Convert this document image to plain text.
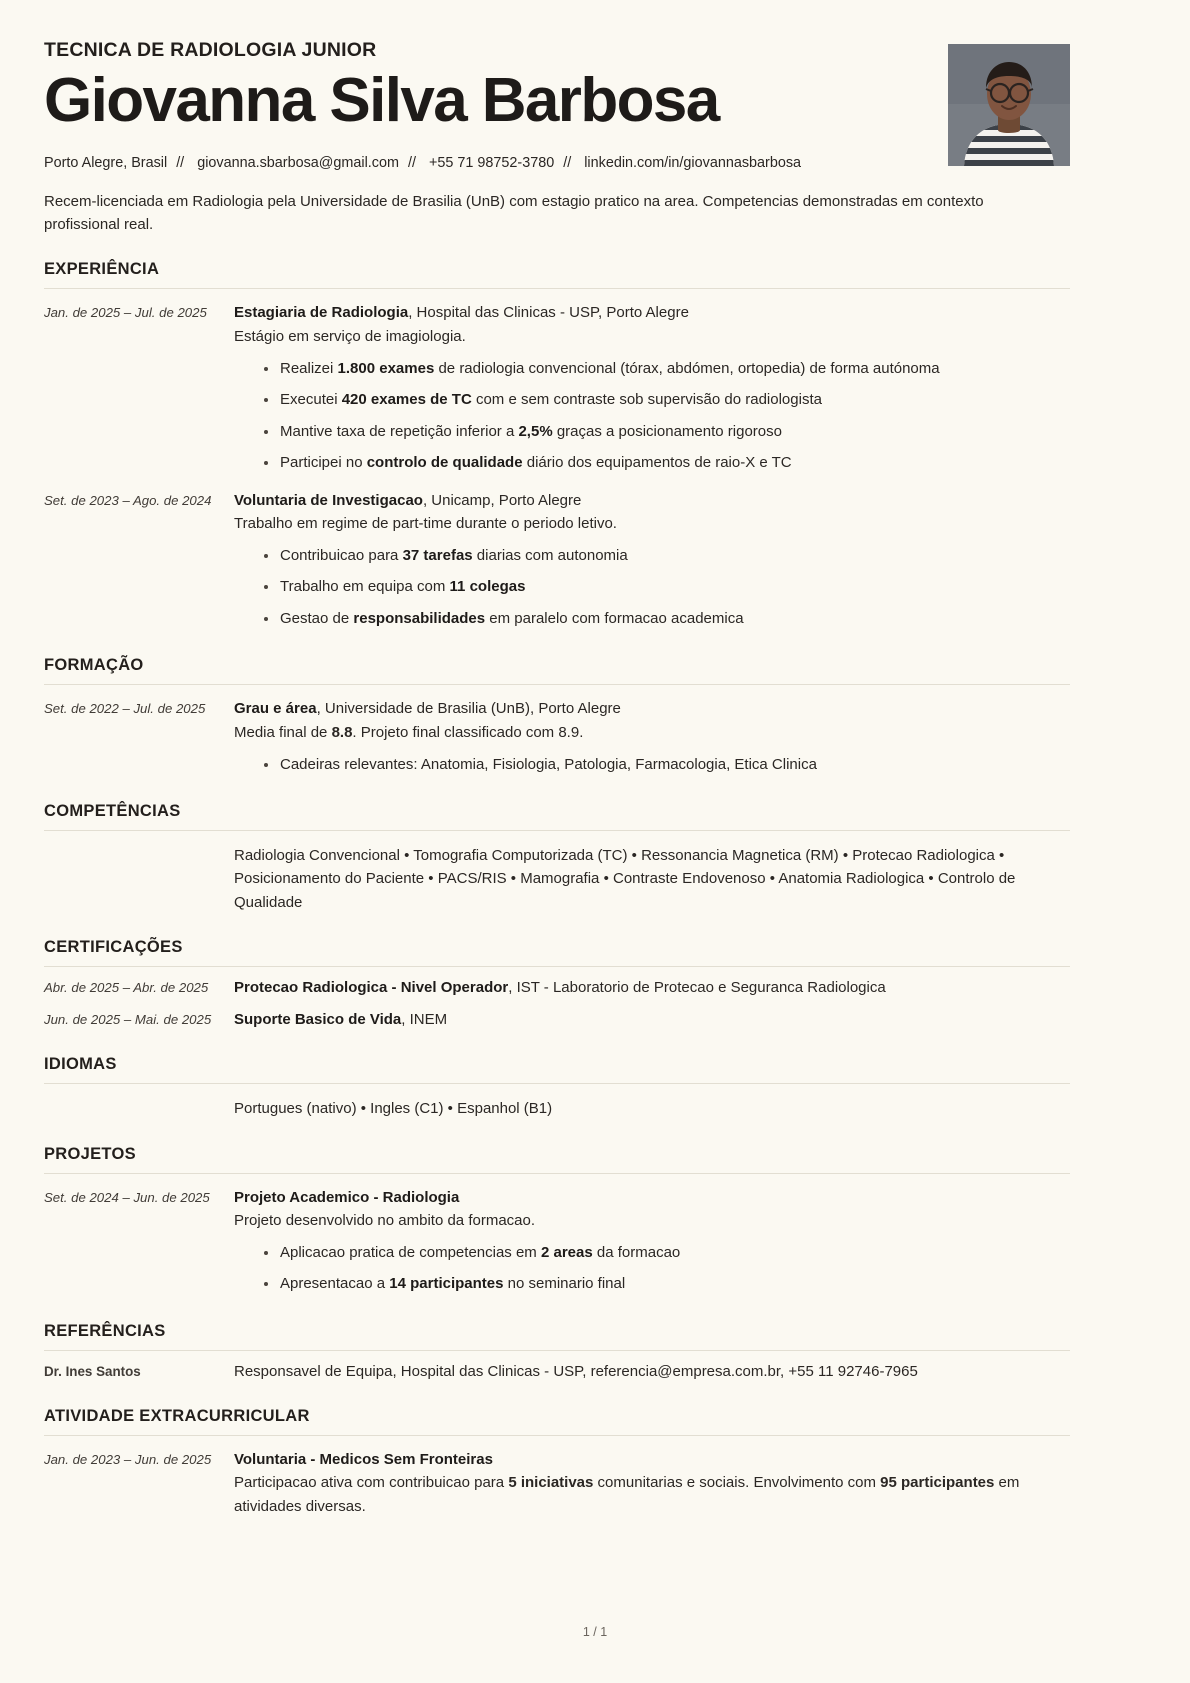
TECNICA DE RADIOLOGIA JUNIOR
Giovanna Silva Barbosa
Porto Alegre, Brasil // giovanna.sbarbosa@gmail.com // +55 71 98752-3780 // linkedin.com/in/giovannasbarbosa
Recem-licenciada em Radiologia pela Universidade de Brasilia (UnB) com estagio pratico na area. Competencias demonstradas em contexto profissional real.
EXPERIÊNCIA
Jan. de 2025 – Jul. de 2025	Estagiaria de Radiologia, Hospital das Clinicas - USP, Porto Alegre
Estágio em serviço de imagiologia.
Realizei 1.800 exames de radiologia convencional (tórax, abdómen, ortopedia) de forma autónoma
Executei 420 exames de TC com e sem contraste sob supervisão do radiologista
Mantive taxa de repetição inferior a 2,5% graças a posicionamento rigoroso
Participei no controlo de qualidade diário dos equipamentos de raio-X e TC
Set. de 2023 – Ago. de 2024	Voluntaria de Investigacao, Unicamp, Porto Alegre
Trabalho em regime de part-time durante o periodo letivo.
Contribuicao para 37 tarefas diarias com autonomia
Trabalho em equipa com 11 colegas
Gestao de responsabilidades em paralelo com formacao academica
FORMAÇÃO
Set. de 2022 – Jul. de 2025	Grau e área, Universidade de Brasilia (UnB), Porto Alegre
Media final de 8.8. Projeto final classificado com 8.9.
Cadeiras relevantes: Anatomia, Fisiologia, Patologia, Farmacologia, Etica Clinica
COMPETÊNCIAS
Radiologia Convencional • Tomografia Computorizada (TC) • Ressonancia Magnetica (RM) • Protecao Radiologica • Posicionamento do Paciente • PACS/RIS • Mamografia • Contraste Endovenoso • Anatomia Radiologica • Controlo de Qualidade
CERTIFICAÇÕES
Abr. de 2025 – Abr. de 2025	Protecao Radiologica - Nivel Operador, IST - Laboratorio de Protecao e Seguranca Radiologica
Jun. de 2025 – Mai. de 2025	Suporte Basico de Vida, INEM
IDIOMAS
Portugues (nativo) • Ingles (C1) • Espanhol (B1)
PROJETOS
Set. de 2024 – Jun. de 2025	Projeto Academico - Radiologia
Projeto desenvolvido no ambito da formacao.
Aplicacao pratica de competencias em 2 areas da formacao
Apresentacao a 14 participantes no seminario final
REFERÊNCIAS
Dr. Ines Santos	Responsavel de Equipa, Hospital das Clinicas - USP, referencia@empresa.com.br, +55 11 92746-7965
ATIVIDADE EXTRACURRICULAR
Jan. de 2023 – Jun. de 2025	Voluntaria - Medicos Sem Fronteiras
Participacao ativa com contribuicao para 5 iniciativas comunitarias e sociais. Envolvimento com 95 participantes em atividades diversas.
1 / 1
